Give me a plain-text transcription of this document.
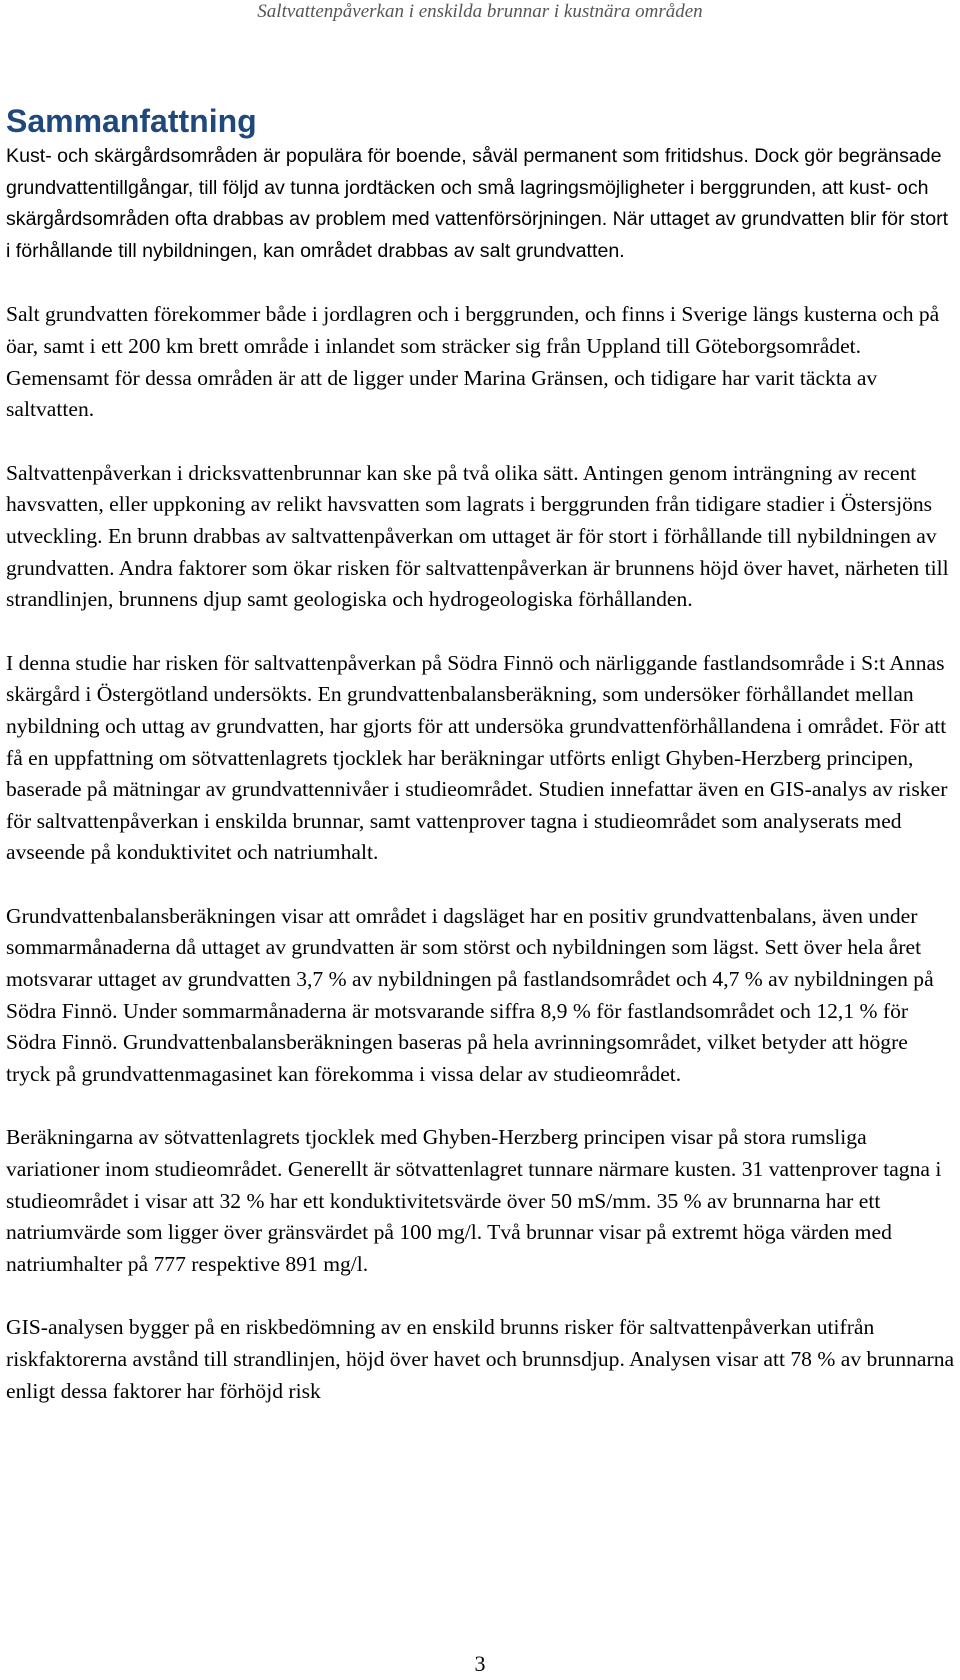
Saltvattenpåverkan i enskilda brunnar i kustnära områden
Sammanfattning

Kust- och skärgårdsområden är populära för boende, såväl permanent som fritidshus. Dock gör begränsade grundvattentillgångar, till följd av tunna jordtäcken och små lagringsmöjligheter i berggrunden, att kust- och skärgårdsområden ofta drabbas av problem med vattenförsörjningen. När uttaget av grundvatten blir för stort i förhållande till nybildningen, kan området drabbas av salt grundvatten.

Salt grundvatten förekommer både i jordlagren och i berggrunden, och finns i Sverige längs kusterna och på öar, samt i ett 200 km brett område i inlandet som sträcker sig från Uppland till Göteborgsområdet. Gemensamt för dessa områden är att de ligger under Marina Gränsen, och tidigare har varit täckta av saltvatten.

Saltvattenpåverkan i dricksvattenbrunnar kan ske på två olika sätt. Antingen genom inträngning av recent havsvatten, eller uppkoning av relikt havsvatten som lagrats i berggrunden från tidigare stadier i Östersjöns utveckling. En brunn drabbas av saltvattenpåverkan om uttaget är för stort i förhållande till nybildningen av grundvatten. Andra faktorer som ökar risken för saltvattenpåverkan är brunnens höjd över havet, närheten till strandlinjen, brunnens djup samt geologiska och hydrogeologiska förhållanden.

I denna studie har risken för saltvattenpåverkan på Södra Finnö och närliggande fastlandsområde i S:t Annas skärgård i Östergötland undersökts. En grundvattenbalansberäkning, som undersöker förhållandet mellan nybildning och uttag av grundvatten, har gjorts för att undersöka grundvattenförhållandena i området. För att få en uppfattning om sötvattenlagrets tjocklek har beräkningar utförts enligt Ghyben-Herzberg principen, baserade på mätningar av grundvattennivåer i studieområdet. Studien innefattar även en GIS-analys av risker för saltvattenpåverkan i enskilda brunnar, samt vattenprover tagna i studieområdet som analyserats med avseende på konduktivitet och natriumhalt.

Grundvattenbalansberäkningen visar att området i dagsläget har en positiv grundvattenbalans, även under sommarmånaderna då uttaget av grundvatten är som störst och nybildningen som lägst. Sett över hela året motsvarar uttaget av grundvatten 3,7 % av nybildningen på fastlandsområdet och 4,7 % av nybildningen på Södra Finnö. Under sommarmånaderna är motsvarande siffra 8,9 % för fastlandsområdet och 12,1 % för Södra Finnö. Grundvattenbalansberäkningen baseras på hela avrinningsområdet, vilket betyder att högre tryck på grundvattenmagasinet kan förekomma i vissa delar av studieområdet.

Beräkningarna av sötvattenlagrets tjocklek med Ghyben-Herzberg principen visar på stora rumsliga variationer inom studieområdet. Generellt är sötvattenlagret tunnare närmare kusten. 31 vattenprover tagna i studieområdet i visar att 32 % har ett konduktivitetsvärde över 50 mS/mm. 35 % av brunnarna har ett natriumvärde som ligger över gränsvärdet på 100 mg/l. Två brunnar visar på extremt höga värden med natriumhalter på 777 respektive 891 mg/l.

GIS-analysen bygger på en riskbedömning av en enskild brunns risker för saltvattenpåverkan utifrån riskfaktorerna avstånd till strandlinjen, höjd över havet och brunnsdjup. Analysen visar att 78 % av brunnarna enligt dessa faktorer har förhöjd risk

3
